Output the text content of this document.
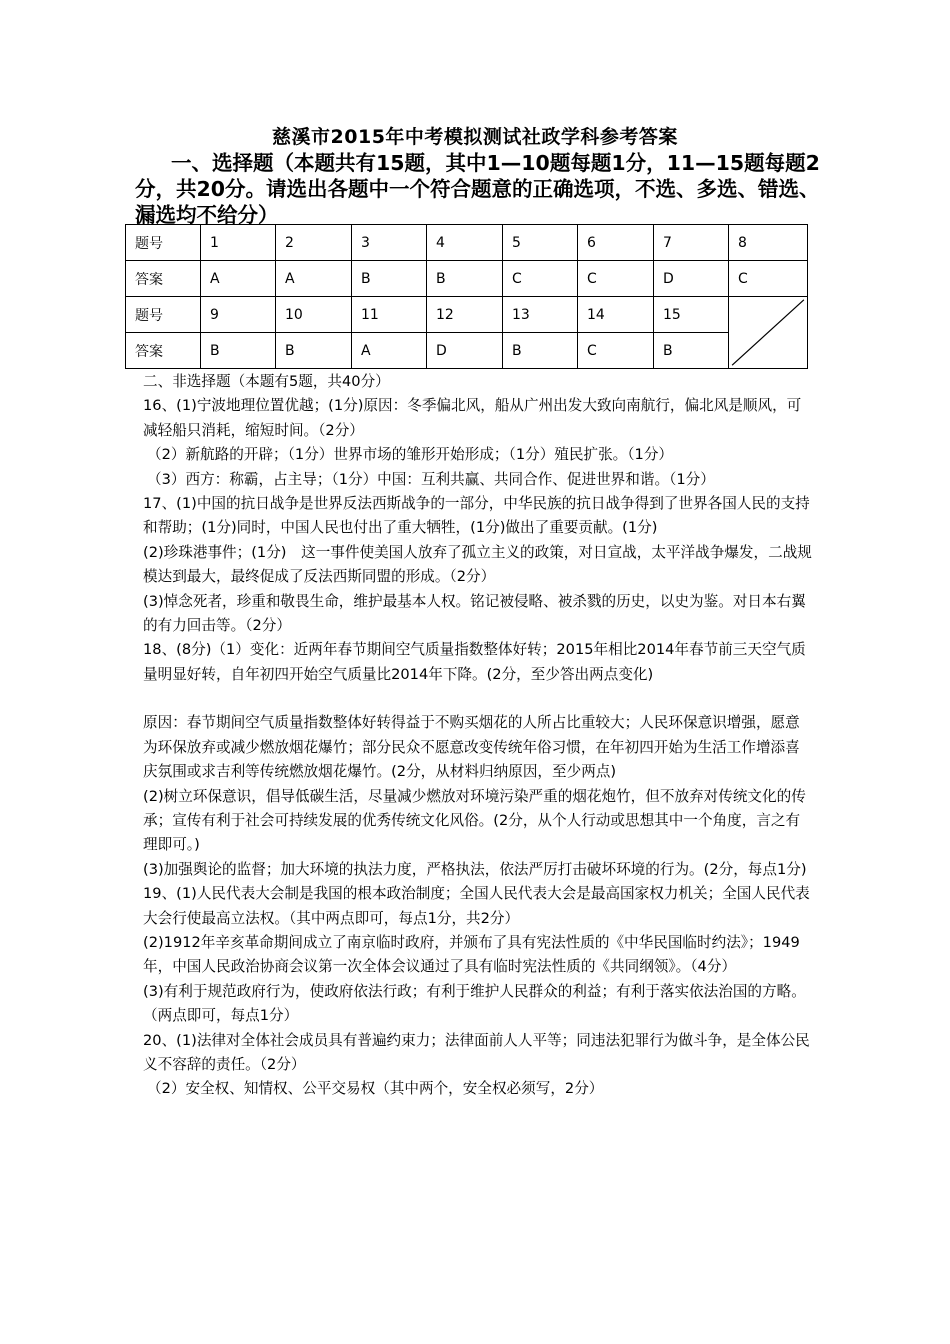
慈溪市2015年中考模拟测试社政学科参考答案
一、选择题（本题共有15题，其中1—10题每题1分，11—15题每题2分，共20分。请选出各题中一个符合题意的正确选项，不选、多选、错选、漏选均不给分）
题号	1	2	3	4	5	6	7	8
答案	A	A	B	B	C	C	D	C
题号	9	10	11	12	13	14	15	

答案	B	B	A	D	B	C	B	

二、非选择题（本题有5题，共40分）

16、(1)宁波地理位置优越；(1分)原因：冬季偏北风，船从广州出发大致向南航行，偏北风是顺风，可减轻船只消耗，缩短时间。（2分）

（2）新航路的开辟；（1分）世界市场的雏形开始形成；（1分）殖民扩张。（1分）

（3）西方：称霸，占主导；（1分）中国：互利共赢、共同合作、促进世界和谐。（1分）

17、(1)中国的抗日战争是世界反法西斯战争的一部分，中华民族的抗日战争得到了世界各国人民的支持和帮助；(1分)同时，中国人民也付出了重大牺牲，(1分)做出了重要贡献。(1分)

(2)珍珠港事件；(1分)　这一事件使美国人放弃了孤立主义的政策，对日宣战，太平洋战争爆发，二战规模达到最大，最终促成了反法西斯同盟的形成。（2分）

(3)悼念死者，珍重和敬畏生命，维护最基本人权。铭记被侵略、被杀戮的历史，以史为鉴。对日本右翼的有力回击等。（2分）

18、(8分)（1）变化：近两年春节期间空气质量指数整体好转；2015年相比2014年春节前三天空气质量明显好转，自年初四开始空气质量比2014年下降。(2分，至少答出两点变化)

原因：春节期间空气质量指数整体好转得益于不购买烟花的人所占比重较大；人民环保意识增强，愿意为环保放弃或减少燃放烟花爆竹；部分民众不愿意改变传统年俗习惯，在年初四开始为生活工作增添喜庆氛围或求吉利等传统燃放烟花爆竹。(2分，从材料归纳原因，至少两点)

(2)树立环保意识，倡导低碳生活，尽量减少燃放对环境污染严重的烟花炮竹，但不放弃对传统文化的传承；宣传有利于社会可持续发展的优秀传统文化风俗。(2分，从个人行动或思想其中一个角度，言之有理即可。)

(3)加强舆论的监督；加大环境的执法力度，严格执法，依法严厉打击破坏环境的行为。(2分，每点1分)

19、(1)人民代表大会制是我国的根本政治制度；全国人民代表大会是最高国家权力机关；全国人民代表大会行使最高立法权。（其中两点即可，每点1分，共2分）

(2)1912年辛亥革命期间成立了南京临时政府，并颁布了具有宪法性质的《中华民国临时约法》；1949年，中国人民政治协商会议第一次全体会议通过了具有临时宪法性质的《共同纲领》。（4分）

(3)有利于规范政府行为，使政府依法行政；有利于维护人民群众的利益；有利于落实依法治国的方略。（两点即可，每点1分）

20、(1)法律对全体社会成员具有普遍约束力；法律面前人人平等；同违法犯罪行为做斗争，是全体公民义不容辞的责任。（2分）

（2）安全权、知情权、公平交易权（其中两个，安全权必须写，2分）
